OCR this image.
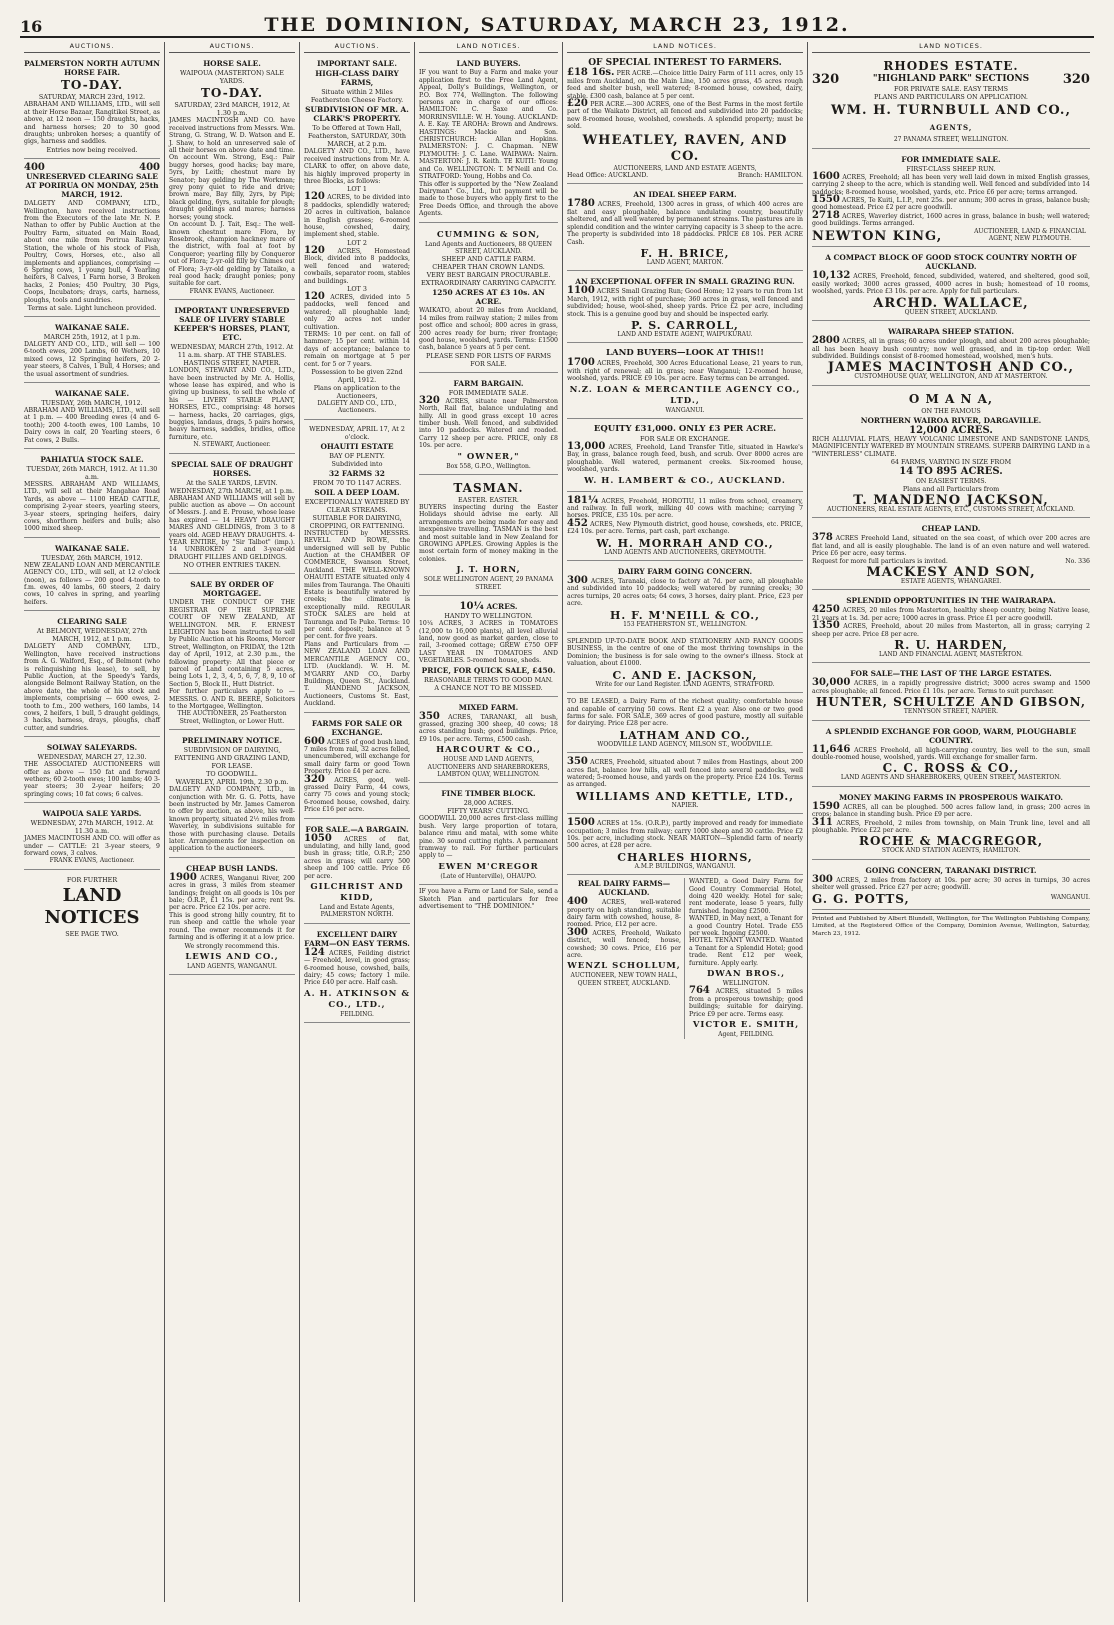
16	THE DOMINION, SATURDAY, MARCH 23, 1912.
AUCTIONS.
PALMERSTON NORTH AUTUMN HORSE FAIR.
TO-DAY.
SATURDAY, MARCH 23rd, 1912.
ABRAHAM AND WILLIAMS, LTD., will sell at their Horse Bazaar, Rangitikei Street, as above, at 12 noon — 150 draughts, hacks, and harness horses; 20 to 30 good draughts; unbroken horses; a quantity of gigs, harness and saddles.
Entries now being received.
400	400
UNRESERVED CLEARING SALE AT PORIRUA ON MONDAY, 25th MARCH, 1912.
DALGETY AND COMPANY, LTD., Wellington, have received instructions from the Executors of the late Mr. N. P. Nathan to offer by Public Auction at the Poultry Farm, situated on Main Road, about one mile from Porirua Railway Station, the whole of his stock of Fish, Poultry, Cows, Horses, etc., also all implements and appliances, comprising — 6 Spring cows, 1 young bull, 4 Yearling heifers, 8 Calves, 1 Farm horse, 3 Broken hacks, 2 Ponies; 450 Poultry, 30 Pigs, Coops, Incubators; drays, carts, harness, ploughs, tools and sundries.
Terms at sale. Light luncheon provided.
WAIKANAE SALE.
MARCH 25th, 1912, at 1 p.m.
DALGETY AND CO., LTD., will sell — 100 6-tooth ewes, 200 Lambs, 60 Wethers, 10 mixed cows, 12 Springing heifers, 20 2-year steers, 8 Calves, 1 Bull, 4 Horses; and the usual assortment of sundries.
WAIKANAE SALE.
TUESDAY, 26th MARCH, 1912.
ABRAHAM AND WILLIAMS, LTD., will sell at 1 p.m. — 400 Breeding ewes (4 and 6-tooth); 200 4-tooth ewes, 100 Lambs, 10 Dairy cows in calf, 20 Yearling steers, 6 Fat cows, 2 Bulls.
PAHIATUA STOCK SALE.
TUESDAY, 26th MARCH, 1912. At 11.30 a.m.
MESSRS. ABRAHAM AND WILLIAMS, LTD., will sell at their Mangahao Road Yards, as above — 1100 HEAD CATTLE, comprising 2-year steers, yearling steers, 3-year steers, springing heifers, dairy cows, shorthorn heifers and bulls; also 1000 mixed sheep.
WAIKANAE SALE.
TUESDAY, 26th MARCH, 1912.
NEW ZEALAND LOAN AND MERCANTILE AGENCY CO., LTD., will sell, at 12 o'clock (noon), as follows — 200 good 4-tooth to f.m. ewes, 40 lambs, 60 steers, 2 dairy cows, 10 calves in spring, and yearling heifers.
CLEARING SALE
At BELMONT, WEDNESDAY, 27th MARCH, 1912, at 1 p.m.
DALGETY AND COMPANY, LTD., Wellington, have received instructions from A. G. Walford, Esq., of Belmont (who is relinquishing his lease), to sell, by Public Auction, at the Speedy's Yards, alongside Belmont Railway Station, on the above date, the whole of his stock and implements, comprising — 600 ewes, 2-tooth to f.m., 200 wethers, 160 lambs, 14 cows, 2 heifers, 1 bull, 5 draught geldings, 3 hacks, harness, drays, ploughs, chaff cutter, and sundries.
SOLWAY SALEYARDS.
WEDNESDAY, MARCH 27, 12.30.
THE ASSOCIATED AUCTIONEERS will offer as above — 150 fat and forward wethers; 60 2-tooth ewes; 100 lambs; 40 3-year steers; 30 2-year heifers; 20 springing cows; 10 fat cows; 6 calves.
WAIPOUA SALE YARDS.
WEDNESDAY, 27th MARCH, 1912. At 11.30 a.m.
JAMES MACINTOSH AND CO. will offer as under — CATTLE: 21 3-year steers, 9 forward cows, 3 calves.
FRANK EVANS, Auctioneer.
FOR FURTHER
LAND NOTICES
SEE PAGE TWO.
AUCTIONS.
HORSE SALE.
WAIPOUA (MASTERTON) SALE YARDS.
TO-DAY.
SATURDAY, 23rd MARCH, 1912, At 1.30 p.m.
JAMES MACINTOSH AND CO. have received instructions from Messrs. Wm. Strang, G. Strang, W. D. Watson and E. J. Shaw, to hold an unreserved sale of all their horses on above date and time. On account Wm. Strong, Esq.: Pair buggy horses, good hacks; bay mare, 5yrs, by Leith; chestnut mare by Senator; bay gelding by The Workman; grey pony quiet to ride and drive; brown mare, Bay filly, 2yrs, by Pipi; black gelding, 6yrs, suitable for plough; draught geldings and mares; harness horses; young stock.
On account D. J. Tait, Esq.: The well-known chestnut mare Flora, by Rosebrook, champion hackney mare of the district, with foal at foot by Conqueror; yearling filly by Conqueror out of Flora; 2-yr-old filly by Chimes out of Flora; 3-yr-old gelding by Tataiko, a real good hack; draught ponies; pony suitable for cart.
FRANK EVANS, Auctioneer.
IMPORTANT UNRESERVED SALE OF LIVERY STABLE KEEPER'S HORSES, PLANT, ETC.
WEDNESDAY, MARCH 27th, 1912. At 11 a.m. sharp. AT THE STABLES. HASTINGS STREET, NAPIER.
LONDON, STEWART AND CO., LTD., have been instructed by Mr. A. Hollis, whose lease has expired, and who is giving up business, to sell the whole of his — LIVERY STABLE PLANT, HORSES, ETC., comprising: 48 horses — harness, hacks, 20 carriages, gigs, buggies, landaus, drags, 5 pairs horses, heavy harness, saddles, bridles, office furniture, etc.
N. STEWART, Auctioneer.
SPECIAL SALE OF DRAUGHT HORSES.
At the SALE YARDS, LEVIN.
WEDNESDAY, 27th MARCH, at 1 p.m.
ABRAHAM AND WILLIAMS will sell by public auction as above — On account of Messrs. J. and E. Prouse, whose lease has expired — 14 HEAVY DRAUGHT MARES AND GELDINGS, from 3 to 8 years old. AGED HEAVY DRAUGHTS. 4-YEAR ENTIRE, by "Sir Talbot" (imp.). 14 UNBROKEN 2 and 3-year-old DRAUGHT FILLIES AND GELDINGS.
NO OTHER ENTRIES TAKEN.
SALE BY ORDER OF MORTGAGEE.
UNDER THE CONDUCT OF THE REGISTRAR OF THE SUPREME COURT OF NEW ZEALAND, AT WELLINGTON. MR. F. ERNEST LEIGHTON has been instructed to sell by Public Auction at his Rooms, Mercer Street, Wellington, on FRIDAY, the 12th day of April, 1912, at 2.30 p.m., the following property: All that piece or parcel of Land containing 5 acres, being Lots 1, 2, 3, 4, 5, 6, 7, 8, 9, 10 of Section 5, Block II., Hutt District.
For further particulars apply to — MESSRS. O. AND R. BEERE, Solicitors to the Mortgagee, Wellington.
THE AUCTIONEER, 25 Featherston Street, Wellington, or Lower Hutt.
PRELIMINARY NOTICE.
SUBDIVISION OF DAIRYING, FATTENING AND GRAZING LAND, FOR LEASE.
TO GOODWILL.
WAVERLEY, APRIL 19th, 2.30 p.m.
DALGETY AND COMPANY, LTD., in conjunction with Mr. G. G. Potts, have been instructed by Mr. James Cameron to offer by auction, as above, his well-known property, situated 2½ miles from Waverley, in subdivisions suitable for those with purchasing clause. Details later. Arrangements for inspection on application to the auctioneers.
CHEAP BUSH LANDS.
1900 ACRES, Wanganui River, 200 acres in grass, 3 miles from steamer landings; freight on all goods is 10s per bale; O.R.P., £1 15s. per acre; rent 9s. per acre. Price £2 10s. per acre.
This is good strong hilly country, fit to run sheep and cattle the whole year round. The owner recommends it for farming and is offering it at a low price.
We strongly recommend this.
LEWIS AND CO.,
LAND AGENTS, WANGANUI.
AUCTIONS.
IMPORTANT SALE.
HIGH-CLASS DAIRY FARMS,
Situate within 2 Miles Featherston Cheese Factory.
SUBDIVISION OF MR. A. CLARK'S PROPERTY.
To be Offered at Town Hall, Featherston, SATURDAY, 30th MARCH, at 2 p.m.
DALGETY AND CO., LTD., have received instructions from Mr. A. CLARK to offer, on above date, his highly improved property in three Blocks, as follows:
LOT 1
120 ACRES, to be divided into 8 paddocks, splendidly watered; 20 acres in cultivation, balance in English grasses; 6-roomed house, cowshed, dairy, implement shed, stable.
LOT 2
120 ACRES, Homestead Block, divided into 8 paddocks, well fenced and watered; cowbails, separator room, stables and buildings.
LOT 3
120 ACRES, divided into 5 paddocks, well fenced and watered; all ploughable land; only 20 acres not under cultivation.
TERMS: 10 per cent. on fall of hammer; 15 per cent. within 14 days of acceptance; balance to remain on mortgage at 5 per cent. for 5 or 7 years.
Possession to be given 22nd April, 1912.
Plans on application to the Auctioneers,
DALGETY AND CO., LTD., Auctioneers.
WEDNESDAY, APRIL 17, At 2 o'clock.
OHAUITI ESTATE
BAY OF PLENTY.
Subdivided into
32 FARMS 32
FROM 70 TO 1147 ACRES.
SOIL A DEEP LOAM.
EXCEPTIONALLY WATERED BY CLEAR STREAMS.
SUITABLE FOR DAIRYING, CROPPING, OR FATTENING.
INSTRUCTED by MESSRS. REVELL AND ROWE, the undersigned will sell by Public Auction at the CHAMBER OF COMMERCE, Swanson Street, Auckland. THE WELL-KNOWN OHAUITI ESTATE situated only 4 miles from Tauranga. The Ohauiti Estate is beautifully watered by creeks; the climate is exceptionally mild. REGULAR STOCK SALES are held at Tauranga and Te Puke. Terms: 10 per cent. deposit; balance at 5 per cent. for five years.
Plans and Particulars from — NEW ZEALAND LOAN AND MERCANTILE AGENCY CO., LTD. (Auckland). W. H. M. M'GARRY AND CO., Darby Buildings, Queen St., Auckland. T. MANDENO JACKSON, Auctioneers, Customs St. East, Auckland.
FARMS FOR SALE OR EXCHANGE.
600 ACRES of good bush land, 7 miles from rail, 32 acres felled, unencumbered, will exchange for small dairy farm or good Town Property. Price £4 per acre.
320 ACRES, good, well-grassed Dairy Farm, 44 cows, carry 75 cows and young stock; 6-roomed house, cowshed, dairy. Price £16 per acre.
FOR SALE.—A BARGAIN.
1050 ACRES of flat, undulating, and hilly land, good bush in grass; title, O.R.P.; 250 acres in grass; will carry 500 sheep and 100 cattle. Price £6 per acre.
GILCHRIST AND KIDD,
Land and Estate Agents, PALMERSTON NORTH.
EXCELLENT DAIRY FARM—ON EASY TERMS.
124 ACRES, Feilding district — Freehold, level, in good grass; 6-roomed house, cowshed, bails, dairy; 45 cows; factory 1 mile. Price £40 per acre. Half cash.
A. H. ATKINSON & CO., LTD.,
FEILDING.
LAND NOTICES.
LAND BUYERS.
IF you want to Buy a Farm and make your application first to the Free Land Agent, Appeal, Dolly's Buildings, Wellington, or P.O. Box 774, Wellington. The following persons are in charge of our offices: HAMILTON: C. Saxe and Co. MORRINSVILLE: W. H. Young. AUCKLAND: A. E. Kay. TE AROHA: Brown and Andrews. HASTINGS: Mackie and Son. CHRISTCHURCH: Allan Hopkins. PALMERSTON: J. C. Chapman. NEW PLYMOUTH: J. C. Lane. WAIPAWA: Nairn. MASTERTON: J. R. Keith. TE KUITI: Young and Co. WELLINGTON: T. M'Neill and Co. STRATFORD: Young, Hobbs and Co.
This offer is supported by the "New Zealand Dairyman" Co., Ltd., but payment will be made to those buyers who apply first to the Free Deeds Office, and through the above Agents.
CUMMING & SON,
Land Agents and Auctioneers, 88 QUEEN STREET, AUCKLAND.
SHEEP AND CATTLE FARM.
CHEAPER THAN CROWN LANDS.
VERY BEST BARGAIN PROCURABLE.
EXTRAORDINARY CARRYING CAPACITY.
1250 ACRES AT £3 10s. AN ACRE.
WAIKATO, about 20 miles from Auckland, 14 miles from railway station; 2 miles from post office and school; 800 acres in grass, 200 acres ready for burn; river frontage; good house, woolshed, yards. Terms: £1500 cash, balance 5 years at 5 per cent.
PLEASE SEND FOR LISTS OF FARMS FOR SALE.
FARM BARGAIN.
FOR IMMEDIATE SALE.
320 ACRES, situate near Palmerston North, Rail flat, balance undulating and hilly. All in good grass except 10 acres timber bush. Well fenced, and subdivided into 10 paddocks. Watered and roaded. Carry 12 sheep per acre. PRICE, only £8 10s. per acre.
" OWNER,"
Box 558, G.P.O., Wellington.
TASMAN.
EASTER. EASTER.
BUYERS inspecting during the Easter Holidays should advise me early. All arrangements are being made for easy and inexpensive travelling. TASMAN is the best and most suitable land in New Zealand for GROWING APPLES. Growing Apples is the most certain form of money making in the colonies.
J. T. HORN,
SOLE WELLINGTON AGENT, 29 PANAMA STREET.
10¼ ACRES.
HANDY TO WELLINGTON.
10¼ ACRES, 3 ACRES in TOMATOES (12,000 to 16,000 plants), all level alluvial land, now good as market garden, close to rail, 3-roomed cottage; GREW £750 OFF LAST YEAR IN TOMATOES AND VEGETABLES. 5-roomed house, sheds.
PRICE, FOR QUICK SALE, £450.
REASONABLE TERMS TO GOOD MAN.
A CHANCE NOT TO BE MISSED.
MIXED FARM.
350 ACRES, TARANAKI, all bush, grassed, grazing 300 sheep, 40 cows; 18 acres standing bush; good buildings. Price, £9 10s. per acre. Terms, £500 cash.
HARCOURT & CO.,
HOUSE AND LAND AGENTS, AUCTIONEERS AND SHAREBROKERS, LAMBTON QUAY, WELLINGTON.
FINE TIMBER BLOCK.
28,000 ACRES.
FIFTY YEARS' CUTTING.
GOODWILL 20,000 acres first-class milling bush. Very large proportion of totara, balance rimu and matai, with some white pine. 30 sound cutting rights. A permanent tramway to rail. For further particulars apply to —
EWEN M'CREGOR
(Late of Hunterville), OHAUPO.
IF you have a Farm or Land for Sale, send a Sketch Plan and particulars for free advertisement to "THE DOMINION."
LAND NOTICES.
OF SPECIAL INTEREST TO FARMERS.
£18 16s. PER ACRE.—Choice little Dairy Farm of 111 acres, only 15 miles from Auckland, on the Main Line, 150 acres grass, 45 acres rough feed and shelter bush, well watered; 8-roomed house, cowshed, dairy, stable. £300 cash, balance at 5 per cent.
£20 PER ACRE.—300 ACRES, one of the Best Farms in the most fertile part of the Waikato District, all fenced and subdivided into 20 paddocks; new 8-roomed house, woolshed, cowsheds. A splendid property; must be sold.
WHEATLEY, RAVEN, AND CO.
AUCTIONEERS, LAND AND ESTATE AGENTS,
Head Office: AUCKLAND.	Branch: HAMILTON.
AN IDEAL SHEEP FARM.
1780 ACRES, Freehold, 1300 acres in grass, of which 400 acres are flat and easy ploughable, balance undulating country, beautifully sheltered, and all well watered by permanent streams. The pastures are in splendid condition and the winter carrying capacity is 3 sheep to the acre. The property is subdivided into 18 paddocks. PRICE £8 10s. PER ACRE Cash.
F. H. BRICE,
LAND AGENT, MARTON.
AN EXCEPTIONAL OFFER IN SMALL GRAZING RUN.
1100 ACRES Small Grazing Run; Good Home; 12 years to run from 1st March, 1912, with right of purchase; 360 acres in grass, well fenced and subdivided; house, wool-shed, sheep yards. Price £2 per acre, including stock. This is a genuine good buy and should be inspected early.
P. S. CARROLL,
LAND AND ESTATE AGENT, WAIPUKURAU.
LAND BUYERS—LOOK AT THIS!!
1700 ACRES, Freehold, 300 Acres Educational Lease, 21 years to run, with right of renewal; all in grass; near Wanganui; 12-roomed house, woolshed, yards. PRICE £9 10s. per acre. Easy terms can be arranged.
N.Z. LOAN & MERCANTILE AGENCY CO., LTD.,
WANGANUI.
EQUITY £31,000. ONLY £3 PER ACRE.
FOR SALE OR EXCHANGE.
13,000 ACRES, Freehold, Land Transfer Title, situated in Hawke's Bay, in grass, balance rough feed, bush, and scrub. Over 8000 acres are ploughable. Well watered, permanent creeks. Six-roomed house, woolshed, yards.
W. H. LAMBERT & CO., AUCKLAND.
181¼ ACRES, Freehold, HOROTIU, 11 miles from school, creamery, and railway. In full work, milking 40 cows with machine; carrying 7 horses. PRICE, £35 10s. per acre.
452 ACRES, New Plymouth district, good house, cowsheds, etc. PRICE, £24 10s. per acre. Terms, part cash, part exchange.
W. H. MORRAH AND CO.,
LAND AGENTS AND AUCTIONEERS, GREYMOUTH.
DAIRY FARM GOING CONCERN.
300 ACRES, Taranaki, close to factory at 7d. per acre, all ploughable and subdivided into 10 paddocks; well watered by running creeks; 30 acres turnips, 20 acres oats; 64 cows, 3 horses, dairy plant. Price, £23 per acre.
H. F. M'NEILL & CO.,
153 FEATHERSTON ST., WELLINGTON.
SPLENDID UP-TO-DATE BOOK AND STATIONERY AND FANCY GOODS BUSINESS, in the centre of one of the most thriving townships in the Dominion; the business is for sale owing to the owner's illness. Stock at valuation, about £1000.
C. AND E. JACKSON,
Write for our Land Register. LAND AGENTS, STRATFORD.
TO BE LEASED, a Dairy Farm of the richest quality; comfortable house and capable of carrying 50 cows. Rent £2 a year. Also one or two good farms for sale. FOR SALE, 369 acres of good pasture, mostly all suitable for dairying. Price £28 per acre.
LATHAM AND CO.,
WOODVILLE LAND AGENCY, MILSON ST., WOODVILLE.
350 ACRES, Freehold, situated about 7 miles from Hastings, about 200 acres flat, balance low hills, all well fenced into several paddocks, well watered; 5-roomed house, and yards on the property. Price £24 10s. Terms as arranged.
WILLIAMS AND KETTLE, LTD.,
NAPIER.
1500 ACRES at 15s. (O.R.P.), partly improved and ready for immediate occupation; 3 miles from railway; carry 1000 sheep and 30 cattle. Price £2 10s. per acre, including stock. NEAR MARTON—Splendid farm of nearly 500 acres, at £28 per acre.
CHARLES HIORNS,
A.M.P. BUILDINGS, WANGANUI.
REAL DAIRY FARMS—AUCKLAND.
400 ACRES, well-watered property on high standing, suitable dairy farm with cowshed, house, 8-roomed. Price, £12 per acre.
300 ACRES, Freehold, Waikato district, well fenced; house, cowshed; 30 cows. Price, £16 per acre.
WENZL SCHOLLUM,
AUCTIONEER, NEW TOWN HALL, QUEEN STREET, AUCKLAND.
WANTED, a Good Dairy Farm for Good Country Commercial Hotel, doing 420 weekly. Hotel for sale; rent moderate, lease 5 years, fully furnished. Ingoing £2500.
WANTED, in May next, a Tenant for a good Country Hotel. Trade £55 per week. Ingoing £2500.
HOTEL TENANT WANTED. Wanted a Tenant for a Splendid Hotel; good trade. Rent £12 per week, furniture. Apply early.
DWAN BROS.,
WELLINGTON.
764 ACRES, situated 5 miles from a prosperous township; good buildings; suitable for dairying. Price £9 per acre. Terms easy.
VICTOR E. SMITH,
Agent, FEILDING.
LAND NOTICES.
RHODES ESTATE.
320	"HIGHLAND PARK" SECTIONS	320
FOR PRIVATE SALE. EASY TERMS
PLANS AND PARTICULARS ON APPLICATION.
WM. H. TURNBULL AND CO., AGENTS,
27 PANAMA STREET, WELLINGTON.
FOR IMMEDIATE SALE.
FIRST-CLASS SHEEP RUN.
1600 ACRES, Freehold; all has been very well laid down in mixed English grasses, carrying 2 sheep to the acre, which is standing well. Well fenced and subdivided into 14 paddocks; 8-roomed house, woolshed, yards, etc. Price £6 per acre; terms arranged.
1550 ACRES, Te Kuiti, L.I.P., rent 25s. per annum; 300 acres in grass, balance bush; good homestead. Price £2 per acre goodwill.
2718 ACRES, Waverley district, 1600 acres in grass, balance in bush; well watered; good buildings. Terms arranged.
NEWTON KING,	AUCTIONEER, LAND & FINANCIAL AGENT, NEW PLYMOUTH.
A COMPACT BLOCK OF GOOD STOCK COUNTRY NORTH OF AUCKLAND.
10,132 ACRES, Freehold, fenced, subdivided, watered, and sheltered, good soil, easily worked; 3000 acres grassed, 4000 acres in bush; homestead of 10 rooms, woolshed, yards. Price £3 10s. per acre. Apply for full particulars.
ARCHD. WALLACE,
QUEEN STREET, AUCKLAND.
WAIRARAPA SHEEP STATION.
2800 ACRES, all in grass; 60 acres under plough, and about 200 acres ploughable; all has been heavy bush country; now well grassed, and in tip-top order. Well subdivided. Buildings consist of 8-roomed homestead, woolshed, men's huts.
JAMES MACINTOSH AND CO.,
CUSTOMHOUSE QUAY, WELLINGTON, AND AT MASTERTON.
O M A N A,
ON THE FAMOUS
NORTHERN WAIROA RIVER, DARGAVILLE.
12,000 ACRES.
RICH ALLUVIAL FLATS, HEAVY VOLCANIC LIMESTONE AND SANDSTONE LANDS, MAGNIFICENTLY WATERED BY MOUNTAIN STREAMS. SUPERB DAIRYING LAND in a "WINTERLESS" CLIMATE.
64 FARMS, VARYING IN SIZE FROM
14 TO 895 ACRES.
ON EASIEST TERMS.
Plans and all Particulars from
T. MANDENO JACKSON,
AUCTIONEERS, REAL ESTATE AGENTS, ETC., CUSTOMS STREET, AUCKLAND.
CHEAP LAND.
378 ACRES Freehold Land, situated on the sea coast, of which over 200 acres are flat land, and all is easily ploughable. The land is of an even nature and well watered. Price £6 per acre, easy terms.
Request for more full particulars is invited.	No. 336
MACKESY AND SON,
ESTATE AGENTS, WHANGAREI.
SPLENDID OPPORTUNITIES IN THE WAIRARAPA.
4250 ACRES, 20 miles from Masterton, healthy sheep country, being Native lease, 21 years at 1s. 3d. per acre; 1000 acres in grass. Price £1 per acre goodwill.
1350 ACRES, Freehold, about 20 miles from Masterton, all in grass; carrying 2 sheep per acre. Price £8 per acre.
R. U. HARDEN,
LAND AND FINANCIAL AGENT, MASTERTON.
FOR SALE—THE LAST OF THE LARGE ESTATES.
30,000 ACRES, in a rapidly progressive district; 3000 acres swamp and 1500 acres ploughable; all fenced. Price £1 10s. per acre. Terms to suit purchaser.
HUNTER, SCHULTZE AND GIBSON,
TENNYSON STREET, NAPIER.
A SPLENDID EXCHANGE FOR GOOD, WARM, PLOUGHABLE COUNTRY.
11,646 ACRES Freehold, all high-carrying country, lies well to the sun, small double-roomed house, woolshed, yards. Will exchange for smaller farm.
C. C. ROSS & CO.,
LAND AGENTS AND SHAREBROKERS, QUEEN STREET, MASTERTON.
MONEY MAKING FARMS IN PROSPEROUS WAIKATO.
1590 ACRES, all can be ploughed. 500 acres fallow land, in grass; 200 acres in crops; balance in standing bush. Price £9 per acre.
311 ACRES, Freehold, 2 miles from township, on Main Trunk line, level and all ploughable. Price £22 per acre.
ROCHE & MACGREGOR,
STOCK AND STATION AGENTS, HAMILTON.
GOING CONCERN, TARANAKI DISTRICT.
300 ACRES, 2 miles from factory at 10s. per acre; 30 acres in turnips, 30 acres shelter well grassed. Price £27 per acre; goodwill.
G. G. POTTS,	WANGANUI.
Printed and Published by Albert Blundell, Wellington, for The Wellington Publishing Company, Limited, at the Registered Office of the Company, Dominion Avenue, Wellington, Saturday, March 23, 1912.
